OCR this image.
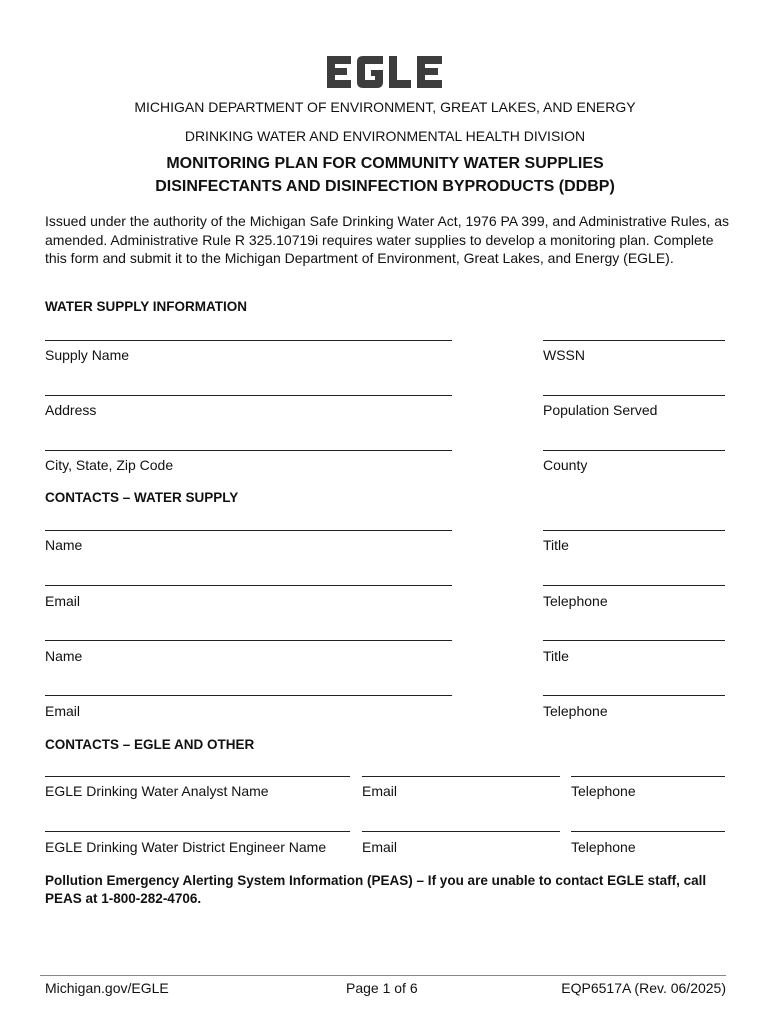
MICHIGAN DEPARTMENT OF ENVIRONMENT, GREAT LAKES, AND ENERGY
DRINKING WATER AND ENVIRONMENTAL HEALTH DIVISION
MONITORING PLAN FOR COMMUNITY WATER SUPPLIES
DISINFECTANTS AND DISINFECTION BYPRODUCTS (DDBP)
Issued under the authority of the Michigan Safe Drinking Water Act, 1976 PA 399, and Administrative Rules, as amended. Administrative Rule R 325.10719i requires water supplies to develop a monitoring plan. Complete this form and submit it to the Michigan Department of Environment, Great Lakes, and Energy (EGLE).
WATER SUPPLY INFORMATION
Supply Name	WSSN
Address	Population Served
City, State, Zip Code	County
CONTACTS – WATER SUPPLY
Name	Title
Email	Telephone
Name	Title
Email	Telephone
CONTACTS – EGLE AND OTHER
EGLE Drinking Water Analyst Name	Email	Telephone
EGLE Drinking Water District Engineer Name	Email	Telephone
Pollution Emergency Alerting System Information (PEAS) – If you are unable to contact EGLE staff, call PEAS at 1-800-282-4706.
Michigan.gov/EGLE	Page 1 of 6	EQP6517A (Rev. 06/2025)
